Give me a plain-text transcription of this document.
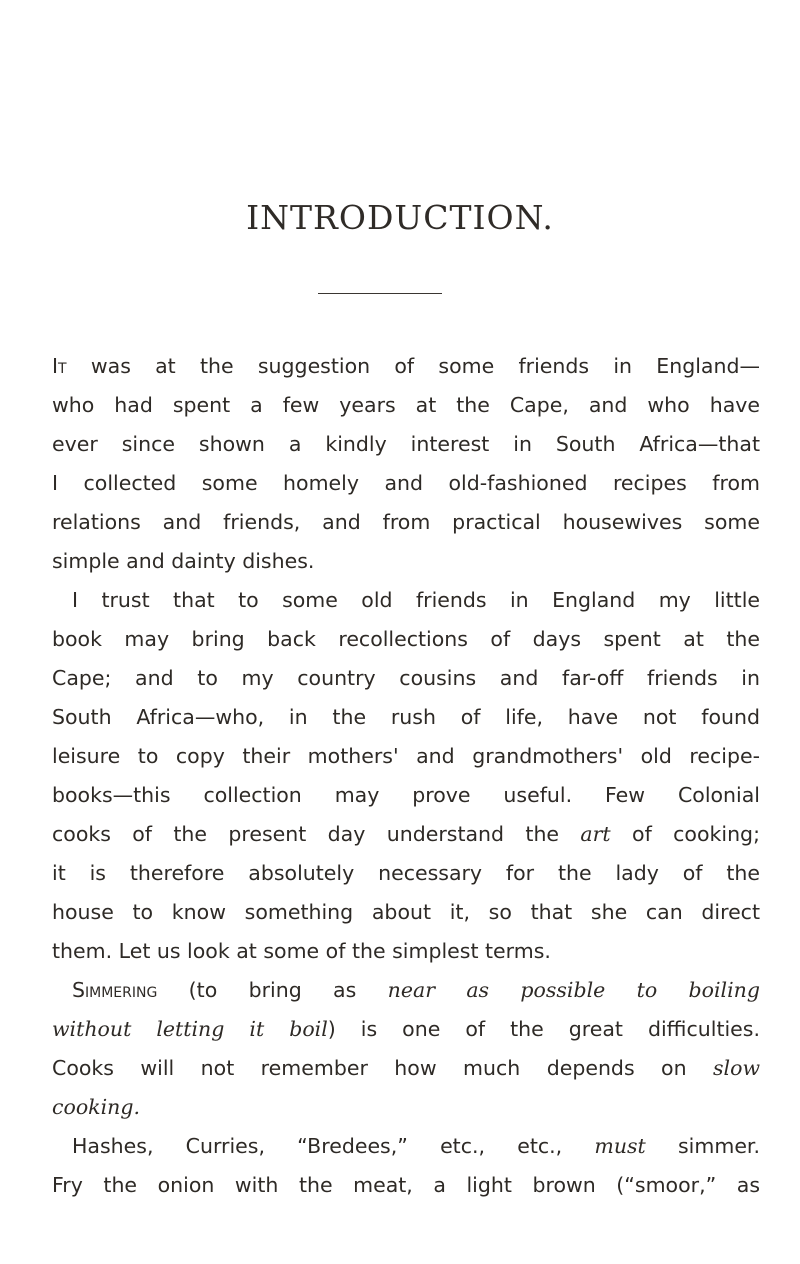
INTRODUCTION.
It was at the suggestion of some friends in England—
who had spent a few years at the Cape, and who have
ever since shown a kindly interest in South Africa—that
I collected some homely and old-fashioned recipes from
relations and friends, and from practical housewives some
simple and dainty dishes.
I trust that to some old friends in England my little
book may bring back recollections of days spent at the
Cape; and to my country cousins and far-off friends in
South Africa—who, in the rush of life, have not found
leisure to copy their mothers' and grandmothers' old recipe-
books—this collection may prove useful. Few Colonial
cooks of the present day understand the art of cooking;
it is therefore absolutely necessary for the lady of the
house to know something about it, so that she can direct
them. Let us look at some of the simplest terms.
Simmering (to bring as near as possible to boiling
without letting it boil) is one of the great difficulties.
Cooks will not remember how much depends on slow
cooking.
Hashes, Curries, “Bredees,” etc., etc., must simmer.
Fry the onion with the meat, a light brown (“smoor,” as
